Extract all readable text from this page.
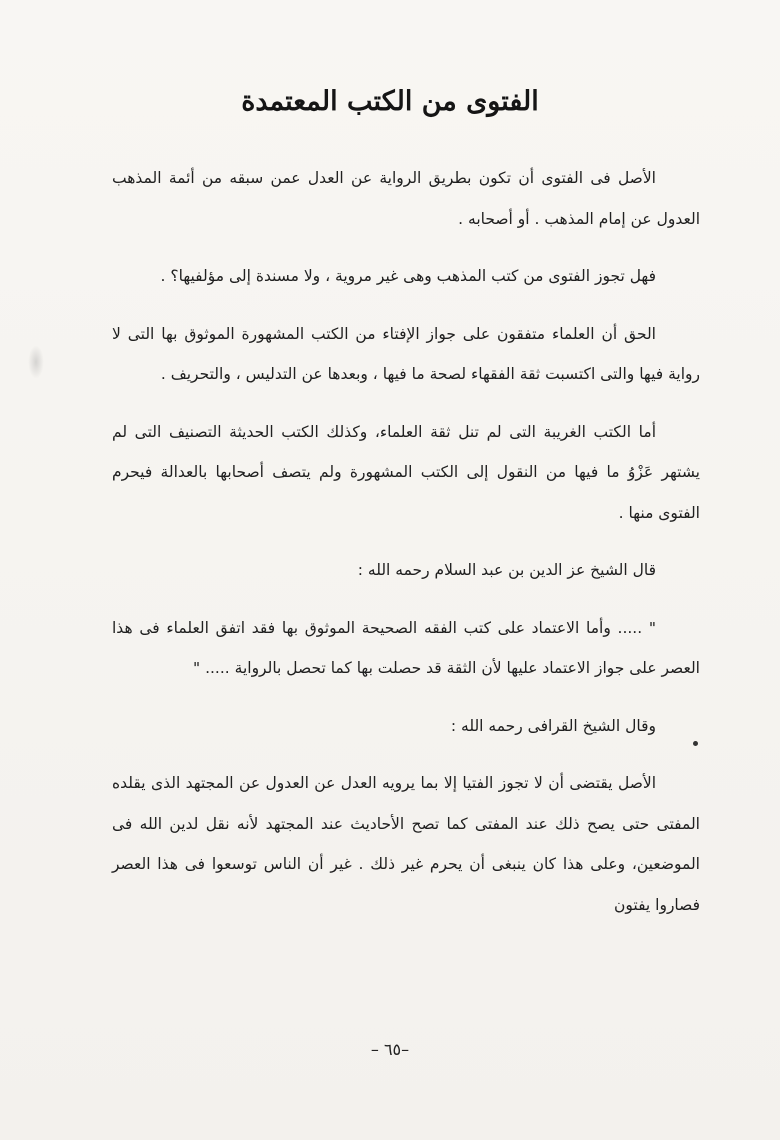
الفتوى من الكتب المعتمدة

الأصل فى الفتوى أن تكون بطريق الرواية عن العدل عمن سبقه من أئمة المذهب العدول عن إمام المذهب . أو أصحابه .

فهل تجوز الفتوى من كتب المذهب وهى غير مروية ، ولا مسندة إلى مؤلفيها؟ .

الحق أن العلماء متفقون على جواز الإفتاء من الكتب المشهورة الموثوق بها التى لا رواية فيها والتى اكتسبت ثقة الفقهاء لصحة ما فيها ، وبعدها عن التدليس ، والتحريف .

أما الكتب الغريبة التى لم تنل ثقة العلماء، وكذلك الكتب الحديثة التصنيف التى لم يشتهر عَزْوُ ما فيها من النقول إلى الكتب المشهورة ولم يتصف أصحابها بالعدالة فيحرم الفتوى منها .

قال الشيخ عز الدين بن عبد السلام رحمه الله :

" ..... وأما الاعتماد على كتب الفقه الصحيحة الموثوق بها فقد اتفق العلماء فى هذا العصر على جواز الاعتماد عليها لأن الثقة قد حصلت بها كما تحصل بالرواية ..... "

وقال الشيخ القرافى رحمه الله :

الأصل يقتضى أن لا تجوز الفتيا إلا بما يرويه العدل عن العدول عن المجتهد الذى يقلده المفتى حتى يصح ذلك عند المفتى كما تصح الأحاديث عند المجتهد لأنه نقل لدين الله فى الموضعين، وعلى هذا كان ينبغى أن يحرم غير ذلك . غير أن الناس توسعوا فى هذا العصر فصاروا يفتون

–٦٥ –
